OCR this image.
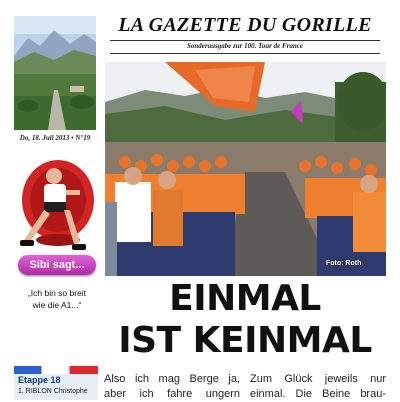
Do, 18. Juli 2013 • N°19
Sibi sagt...
„Ich bin so breit
wie die A1...“
Etappe 18
1. RIBLON Christophe
LA GAZETTE DU GORILLE
Sonderausgabe zur 100. Tour de France
Foto: Roth
EINMAL
IST KEINMAL
Also ich mag Berge ja,
aber ich fahre ungern
Zum Glück jeweils nur
einmal. Die Beine brau-
